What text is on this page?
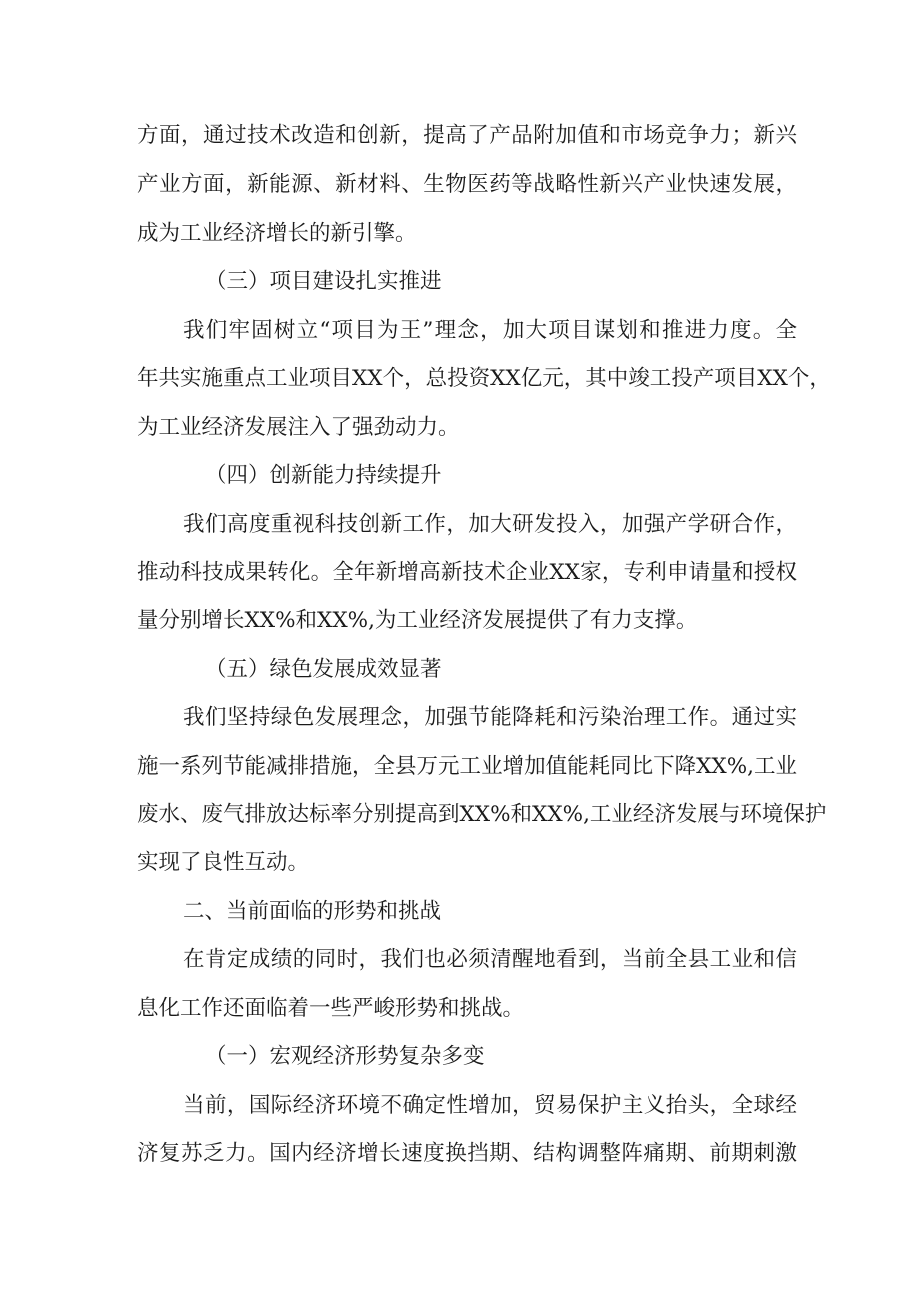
方面，通过技术改造和创新，提高了产品附加值和市场竞争力；新兴
产业方面，新能源、新材料、生物医药等战略性新兴产业快速发展，
成为工业经济增长的新引擎。
（三）项目建设扎实推进
我们牢固树立“项目为王”理念，加大项目谋划和推进力度。全
年共实施重点工业项目XX个，总投资XX亿元，其中竣工投产项目XX个，
为工业经济发展注入了强劲动力。
（四）创新能力持续提升
我们高度重视科技创新工作，加大研发投入，加强产学研合作，
推动科技成果转化。全年新增高新技术企业XX家，专利申请量和授权
量分别增长XX%和XX%,为工业经济发展提供了有力支撑。
（五）绿色发展成效显著
我们坚持绿色发展理念，加强节能降耗和污染治理工作。通过实
施一系列节能减排措施，全县万元工业增加值能耗同比下降XX%,工业
废水、废气排放达标率分别提高到XX%和XX%,工业经济发展与环境保护
实现了良性互动。
二、当前面临的形势和挑战
在肯定成绩的同时，我们也必须清醒地看到，当前全县工业和信
息化工作还面临着一些严峻形势和挑战。
（一）宏观经济形势复杂多变
当前，国际经济环境不确定性增加，贸易保护主义抬头，全球经
济复苏乏力。国内经济增长速度换挡期、结构调整阵痛期、前期刺激
